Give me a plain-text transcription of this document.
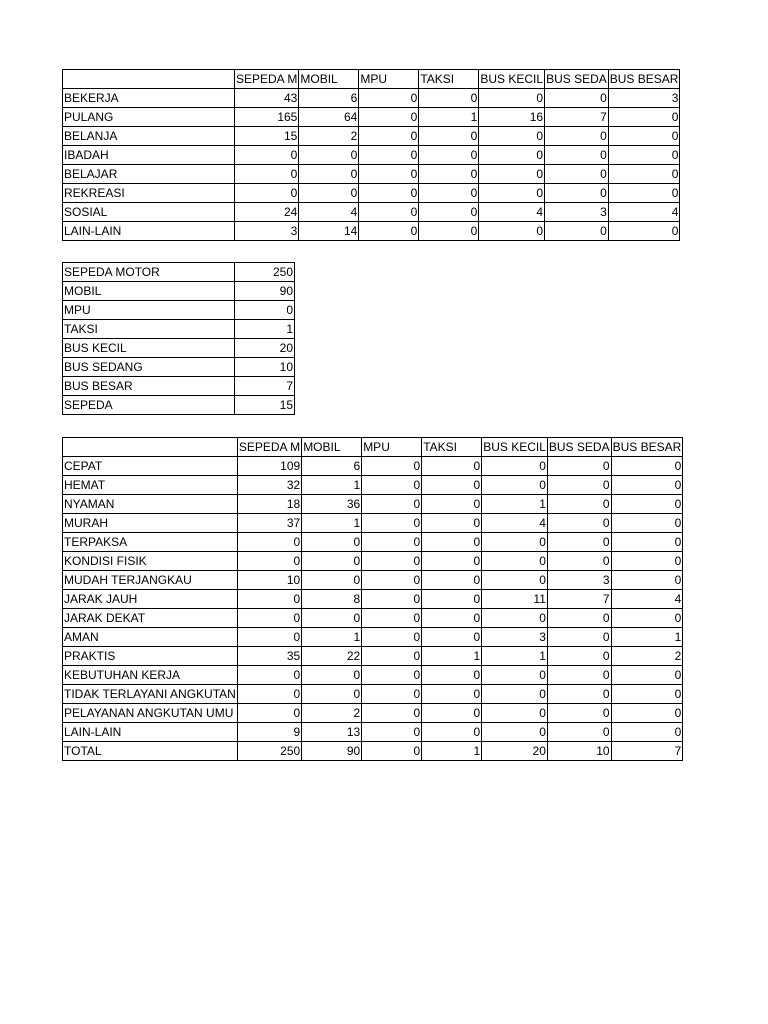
	SEPEDA M	MOBIL	MPU	TAKSI	BUS KECIL	BUS SEDA	BUS BESAR
BEKERJA	43	6	0	0	0	0	3
PULANG	165	64	0	1	16	7	0
BELANJA	15	2	0	0	0	0	0
IBADAH	0	0	0	0	0	0	0
BELAJAR	0	0	0	0	0	0	0
REKREASI	0	0	0	0	0	0	0
SOSIAL	24	4	0	0	4	3	4
LAIN-LAIN	3	14	0	0	0	0	0
SEPEDA MOTOR	250
MOBIL	90
MPU	0
TAKSI	1
BUS KECIL	20
BUS SEDANG	10
BUS BESAR	7
SEPEDA	15
	SEPEDA M	MOBIL	MPU	TAKSI	BUS KECIL	BUS SEDA	BUS BESAR
CEPAT	109	6	0	0	0	0	0
HEMAT	32	1	0	0	0	0	0
NYAMAN	18	36	0	0	1	0	0
MURAH	37	1	0	0	4	0	0
TERPAKSA	0	0	0	0	0	0	0
KONDISI FISIK	0	0	0	0	0	0	0
MUDAH TERJANGKAU	10	0	0	0	0	3	0
JARAK JAUH	0	8	0	0	11	7	4
JARAK DEKAT	0	0	0	0	0	0	0
AMAN	0	1	0	0	3	0	1
PRAKTIS	35	22	0	1	1	0	2
KEBUTUHAN KERJA	0	0	0	0	0	0	0
TIDAK TERLAYANI ANGKUTAN	0	0	0	0	0	0	0
PELAYANAN ANGKUTAN UMU	0	2	0	0	0	0	0
LAIN-LAIN	9	13	0	0	0	0	0
TOTAL	250	90	0	1	20	10	7
